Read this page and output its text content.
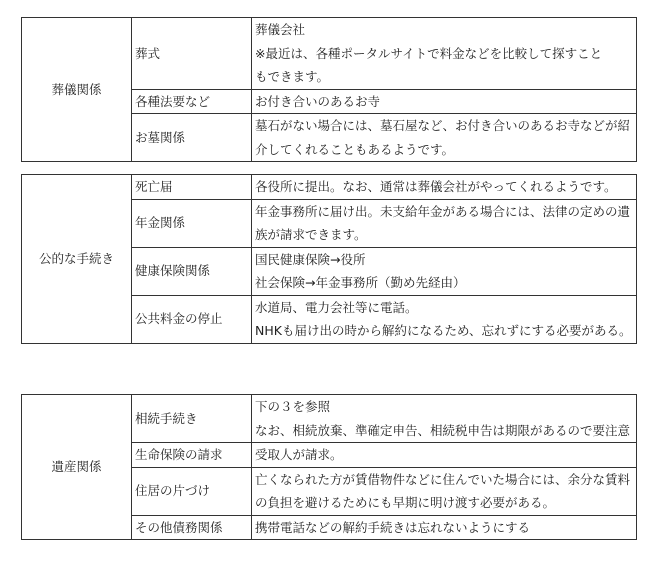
葬儀関係	葬式	葬儀会社
※最近は、各種ポータルサイトで料金などを比較して探すこと
もできます。

	各種法要など	お付き合いのあるお寺
	お墓関係	墓石がない場合には、墓石屋など、お付き合いのあるお寺などが紹介してくれることもあるようです。
公的な手続き	死亡届	各役所に提出。なお、通常は葬儀会社がやってくれるようです。
	年金関係	年金事務所に届け出。未支給年金がある場合には、法律の定めの遺族が請求できます。
	健康保険関係	国民健康保険→役所
社会保険→年金事務所（勤め先経由）

	公共料金の停止	水道局、電力会社等に電話。
NHKも届け出の時から解約になるため、忘れずにする必要がある。
遺産関係	相続手続き	下の３を参照
なお、相続放棄、準確定申告、相続税申告は期限があるので要注意
	生命保険の請求	受取人が請求。
	住居の片づけ	亡くなられた方が賃借物件などに住んでいた場合には、余分な賃料の負担を避けるためにも早期に明け渡す必要がある。
	その他債務関係	携帯電話などの解約手続きは忘れないようにする
